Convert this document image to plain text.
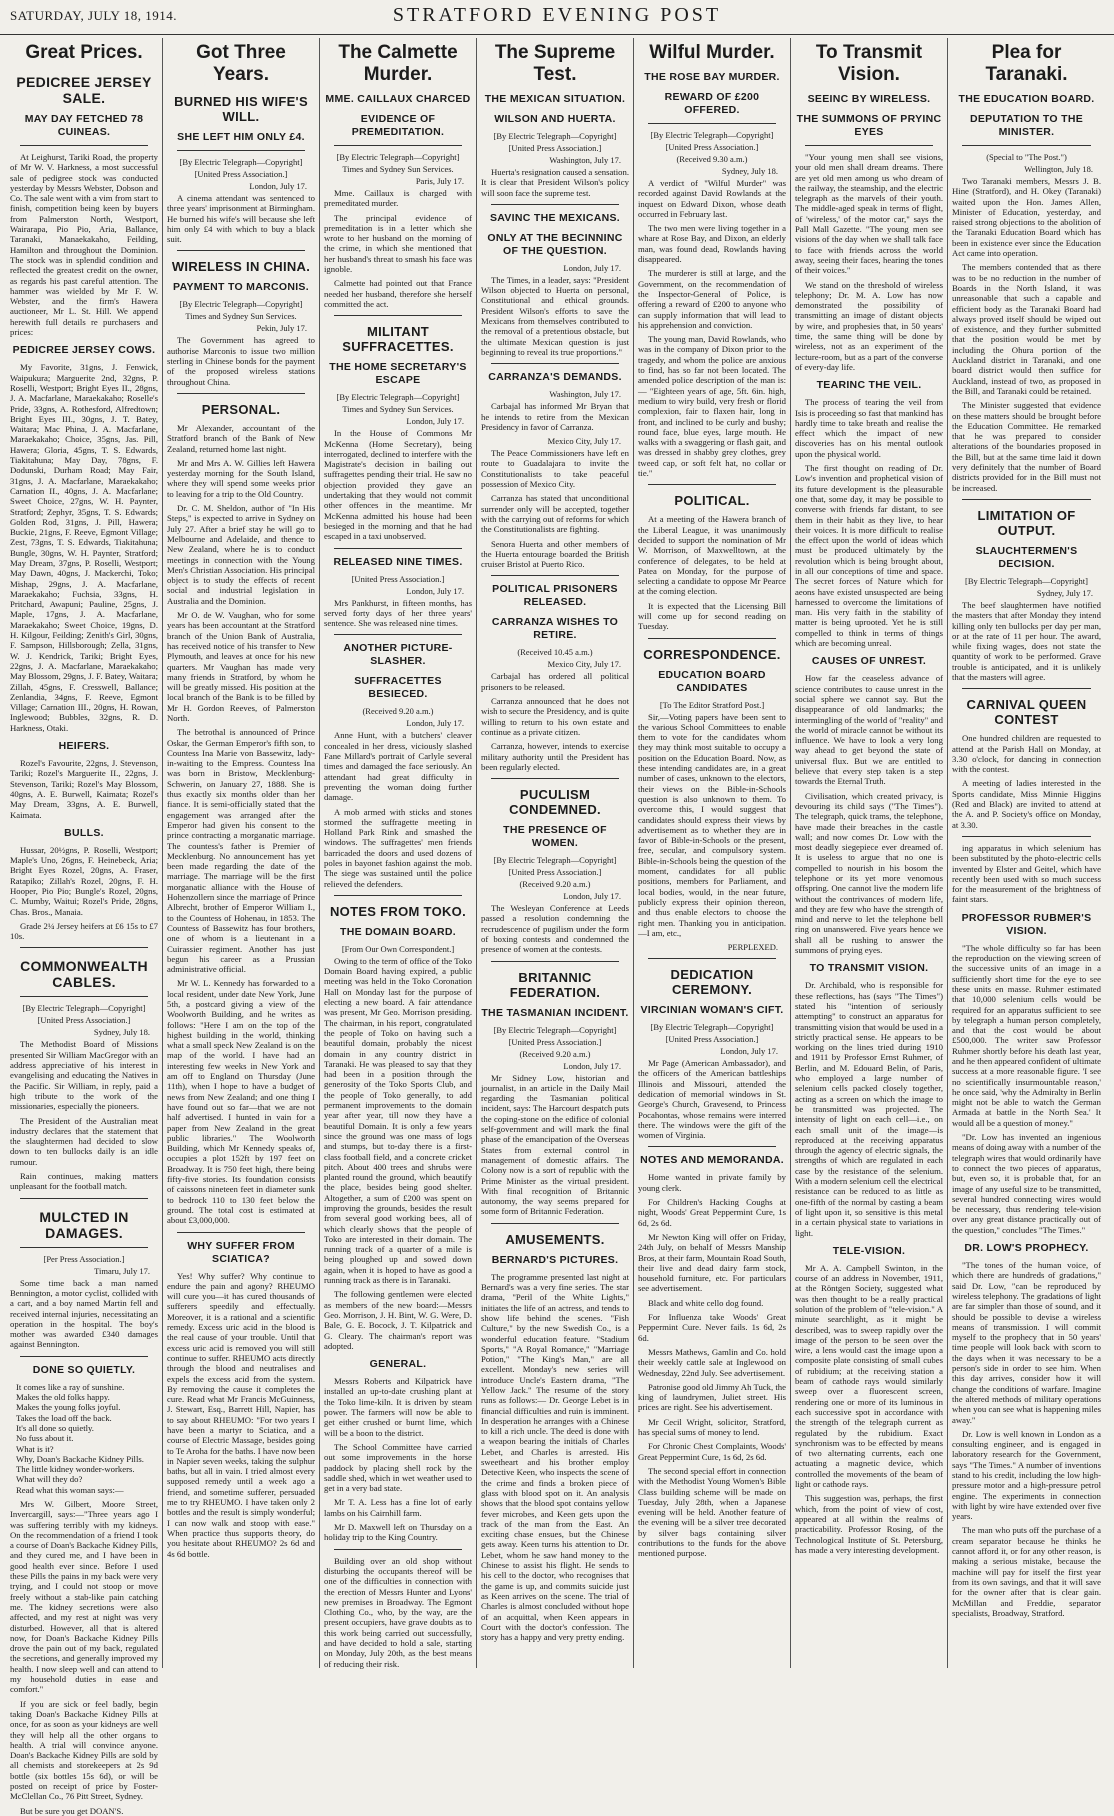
STRATFORD EVENING POST
SATURDAY, JULY 18, 1914.
Great Prices.
PEDICREE JERSEY SALE.
MAY DAY FETCHED 78 CUINEAS.
At Leighurst, Tariki Road, the property of Mr W. V. Harkness, a most successful sale of pedigree stock was conducted yesterday by Messrs Webster, Dobson and Co. The sale went with a vim from start to finish, competition being keen by buyers from Palmerston North, Westport, Wairarapa, Pio Pio, Aria, Ballance, Taranaki, Manaekakaho, Feilding, Hamilton and throughout the Dominion. The stock was in splendid condition and reflected the greatest credit on the owner, as regards his past careful attention. The hammer was wielded by Mr F. W. Webster, and the firm's Hawera auctioneer, Mr L. St. Hill. We append herewith full details re purchasers and prices:
PEDICREE JERSEY COWS.
My Favorite, 31gns, J. Fenwick, Waipukura; Marguerite 2nd, 32gns, P. Roselli, Westport; Bright Eyes II., 28gns, J. A. Macfarlane, Maraekakaho; Roselle's Pride, 33gns, A. Rothesford, Alfredtown; Bright Eyes III., 30gns, J. T. Batey, Waitara; Mac Phina, J. A. Macfarlane, Maraekakaho; Choice, 35gns, Jas. Pill, Hawera; Gloria, 45gns, T. S. Edwards, Tiakitahuna; May Day, 78gns, F. Dodunski, Durham Road; May Fair, 31gns, J. A. Macfarlane, Maraekakaho; Carnation II., 40gns, J. A. Macfarlane; Sweet Choice, 27gns, W. H. Paynter, Stratford; Zephyr, 35gns, T. S. Edwards; Golden Rod, 31gns, J. Pill, Hawera; Buckie, 21gns, F. Reeve, Egmont Village; Zest, 73gns, T. S. Edwards, Tiakitahuna; Bungle, 30gns, W. H. Paynter, Stratford; May Dream, 37gns, P. Roselli, Westport; May Dawn, 40gns, J. Mackerchi, Toko; Mishap, 29gns, J. A. Macfarlane, Maraekakaho; Fuchsia, 33gns, H. Pritchard, Awapuni; Pauline, 25gns, J. Maple, 17gns, J. A. Macfarlane, Maraekakaho; Sweet Choice, 19gns, D. H. Kilgour, Feilding; Zenith's Girl, 30gns, F. Sampson, Hillsborough; Zella, 31gns, W. J. Kendrick, Tariki; Bright Eyes, 22gns, J. A. Macfarlane, Maraekakaho; May Blossom, 29gns, J. F. Batey, Waitara; Zillah, 45gns, F. Cresswell, Ballance; Zenlandia, 34gns, F. Reeve, Egmont Village; Carnation III., 20gns, H. Rowan, Inglewood; Bubbles, 32gns, R. D. Harkness, Otaki.
HEIFERS.
Rozel's Favourite, 22gns, J. Stevenson, Tariki; Rozel's Marguerite II., 22gns, J. Stevenson, Tariki; Rozel's May Blossom, 40gns, A. E. Burwell, Kaimata; Rozel's May Dream, 33gns, A. E. Burwell, Kaimata.
BULLS.
Hussar, 20½gns, P. Roselli, Westport; Maple's Uno, 26gns, F. Heinebeck, Aria; Bright Eyes Rozel, 20gns, A. Fraser, Ratapiko; Zillah's Rozel, 20gns, F. H. Hooper, Pio Pio; Bungle's Rozel, 20gns, C. Mumby, Waitui; Rozel's Pride, 28gns, Chas. Bros., Manaia.
Grade 2¼ Jersey heifers at £6 15s to £7 10s.
COMMONWEALTH CABLES.
[By Electric Telegraph—Copyright]
[United Press Association.]
Sydney, July 18.
The Methodist Board of Missions presented Sir William MacGregor with an address appreciative of his interest in evangelising and educating the Natives in the Pacific. Sir William, in reply, paid a high tribute to the work of the missionaries, especially the pioneers.
The President of the Australian meat industry declares that the statement that the slaughtermen had decided to slow down to ten bullocks daily is an idle rumour.
Rain continues, making matters unpleasant for the football match.
MULCTED IN DAMAGES.
[Per Press Association.]
Timaru, July 17.
Some time back a man named Bennington, a motor cyclist, collided with a cart, and a boy named Martin fell and received internal injuries, necessitating an operation in the hospital. The boy's mother was awarded £340 damages against Bennington.
DONE SO QUIETLY.
It comes like a ray of sunshine.
Makes the old folks happy.
Makes the young folks joyful.
Takes the load off the back.
It's all done so quietly.
No fuss about it.
What is it?
Why, Doan's Backache Kidney Pills.
The little kidney wonder-workers.
What will they do?
Read what this woman says:—
Mrs W. Gilbert, Moore Street, Invercargill, says:—"Three years ago I was suffering terribly with my kidneys. On the recommendation of a friend I took a course of Doan's Backache Kidney Pills, and they cured me, and I have been in good health ever since. Before I used these Pills the pains in my back were very trying, and I could not stoop or move freely without a stab-like pain catching me. The kidney secretions were also affected, and my rest at night was very disturbed. However, all that is altered now, for Doan's Backache Kidney Pills drove the pain out of my back, regulated the secretions, and generally improved my health. I now sleep well and can attend to my household duties in ease and comfort."
If you are sick or feel badly, begin taking Doan's Backache Kidney Pills at once, for as soon as your kidneys are well they will help all the other organs to health. A trial will convince anyone. Doan's Backache Kidney Pills are sold by all chemists and storekeepers at 2s 9d bottle (six bottles 15s 6d), or will be posted on receipt of price by Foster-McClellan Co., 76 Pitt Street, Sydney.
But be sure you get DOAN'S.
Got Three Years.
BURNED HIS WIFE'S WILL.
SHE LEFT HIM ONLY £4.
[By Electric Telegraph—Copyright]
[United Press Association.]
London, July 17.
A cinema attendant was sentenced to three years' imprisonment at Birmingham. He burned his wife's will because she left him only £4 with which to buy a black suit.
WIRELESS IN CHINA.
PAYMENT TO MARCONIS.
[By Electric Telegraph—Copyright]
Times and Sydney Sun Services.
Pekin, July 17.
The Government has agreed to authorise Marconis to issue two million sterling in Chinese bonds for the payment of the proposed wireless stations throughout China.
PERSONAL.
Mr Alexander, accountant of the Stratford branch of the Bank of New Zealand, returned home last night.
Mr and Mrs A. W. Gillies left Hawera yesterday morning for the South Island, where they will spend some weeks prior to leaving for a trip to the Old Country.
Dr. C. M. Sheldon, author of "In His Steps," is expected to arrive in Sydney on July 27. After a brief stay he will go to Melbourne and Adelaide, and thence to New Zealand, where he is to conduct meetings in connection with the Young Men's Christian Association. His principal object is to study the effects of recent social and industrial legislation in Australia and the Dominion.
Mr O. de W. Vaughan, who for some years has been accountant at the Stratford branch of the Union Bank of Australia, has received notice of his transfer to New Plymouth, and leaves at once for his new quarters. Mr Vaughan has made very many friends in Stratford, by whom he will be greatly missed. His position at the local branch of the Bank is to be filled by Mr H. Gordon Reeves, of Palmerston North.
The betrothal is announced of Prince Oskar, the German Emperor's fifth son, to Countess Ina Marie von Bassewitz, lady-in-waiting to the Empress. Countess Ina was born in Bristow, Mecklenburg-Schwerin, on January 27, 1888. She is thus exactly six months older than her fiance. It is semi-officially stated that the engagement was arranged after the Emperor had given his consent to the prince contracting a morganatic marriage. The countess's father is Premier of Mecklenburg. No announcement has yet been made regarding the date of the marriage. The marriage will be the first morganatic alliance with the House of Hohenzollern since the marriage of Prince Albrecht, brother of Emperor William I., to the Countess of Hohenau, in 1853. The Countess of Bassewitz has four brothers, one of whom is a lieutenant in a Cuirassier regiment. Another has just begun his career as a Prussian administrative official.
Mr W. L. Kennedy has forwarded to a local resident, under date New York, June 5th, a postcard giving a view of the Woolworth Building, and he writes as follows: "Here I am on the top of the highest building in the world, thinking what a small speck New Zealand is on the map of the world. I have had an interesting few weeks in New York and am off to England on Thursday (June 11th), when I hope to have a budget of news from New Zealand; and one thing I have found out so far—that we are not half advertised. I hunted in vain for a paper from New Zealand in the great public libraries." The Woolworth Building, which Mr Kennedy speaks of, occupies a plot 152ft by 197 feet on Broadway. It is 750 feet high, there being fifty-five stories. Its foundation consists of caissons nineteen feet in diameter sunk to bedrock 110 to 130 feet below the ground. The total cost is estimated at about £3,000,000.
WHY SUFFER FROM SCIATICA?
Yes! Why suffer? Why continue to endure the pain and agony? RHEUMO will cure you—it has cured thousands of sufferers speedily and effectually. Moreover, it is a rational and a scientific remedy. Excess uric acid in the blood is the real cause of your trouble. Until that excess uric acid is removed you will still continue to suffer. RHEUMO acts directly through the blood and neutralises and expels the excess acid from the system. By removing the cause it completes the cure. Read what Mr Francis McGuinness, J. Stewart, Esq., Barrett Hill, Napier, has to say about RHEUMO: "For two years I have been a martyr to Sciatica, and a course of Electric Massage, besides going to Te Aroha for the baths. I have now been in Napier seven weeks, taking the sulphur baths, but all in vain. I tried almost every supposed remedy until a week ago a friend, and sometime sufferer, persuaded me to try RHEUMO. I have taken only 2 bottles and the result is simply wonderful; I can now walk and stoop with ease." When practice thus supports theory, do you hesitate about RHEUMO? 2s 6d and 4s 6d bottle.
The Calmette Murder.
MME. CAILLAUX CHARCED
EVIDENCE OF PREMEDITATION.
[By Electric Telegraph—Copyright]
Times and Sydney Sun Services.
Paris, July 17.
Mme. Caillaux is charged with premeditated murder.
The principal evidence of premeditation is in a letter which she wrote to her husband on the morning of the crime, in which she mentioned that her husband's threat to smash his face was ignoble.
Calmette had pointed out that France needed her husband, therefore she herself committed the act.
MILITANT SUFFRACETTES.
THE HOME SECRETARY'S ESCAPE
[By Electric Telegraph—Copyright]
Times and Sydney Sun Services.
London, July 17.
In the House of Commons Mr McKenna (Home Secretary), being interrogated, declined to interfere with the Magistrate's decision in bailing out suffragettes pending their trial. He saw no objection provided they gave an undertaking that they would not commit other offences in the meantime. Mr McKenna admitted his house had been besieged in the morning and that he had escaped in a taxi unobserved.
RELEASED NINE TIMES.
[United Press Association.]
London, July 17.
Mrs Pankhurst, in fifteen months, has served forty days of her three years' sentence. She was released nine times.
ANOTHER PICTURE-SLASHER.
SUFFRACETTES BESIECED.
(Received 9.20 a.m.)
London, July 17.
Anne Hunt, with a butchers' cleaver concealed in her dress, viciously slashed Fane Millard's portrait of Carlyle several times and damaged the face seriously. An attendant had great difficulty in preventing the woman doing further damage.
A mob armed with sticks and stones stormed the suffragette meeting in Holland Park Rink and smashed the windows. The suffragettes' men friends barricaded the doors and used dozens of poles in bayonet fashion against the mob. The siege was sustained until the police relieved the defenders.
NOTES FROM TOKO.
THE DOMAIN BOARD.
[From Our Own Correspondent.]
Owing to the term of office of the Toko Domain Board having expired, a public meeting was held in the Toko Coronation Hall on Monday last for the purpose of electing a new board. A fair attendance was present, Mr Geo. Morrison presiding. The chairman, in his report, congratulated the people of Toko on having such a beautiful domain, probably the nicest domain in any country district in Taranaki. He was pleased to say that they had been in a position through the generosity of the Toko Sports Club, and the people of Toko generally, to add permanent improvements to the domain year after year, till now they have a beautiful Domain. It is only a few years since the ground was one mass of logs and stumps, but to-day there is a first-class football field, and a concrete cricket pitch. About 400 trees and shrubs were planted round the ground, which beautify the place, besides being good shelter. Altogether, a sum of £200 was spent on improving the grounds, besides the result from several good working bees, all of which clearly shows that the people of Toko are interested in their domain. The running track of a quarter of a mile is being ploughed up and sowed down again, when it is hoped to have as good a running track as there is in Taranaki.
The following gentlemen were elected as members of the new board:—Messrs Geo. Morrison, J. H. Bint, W. G. Were, D. Bale, G. E. Bocock, J. T. Kilpatrick and G. Cleary. The chairman's report was adopted.
GENERAL.
Messrs Roberts and Kilpatrick have installed an up-to-date crushing plant at the Toko lime-kiln. It is driven by steam power. The farmers will now be able to get either crushed or burnt lime, which will be a boon to the district.
The School Committee have carried out some improvements in the horse paddock by placing shell rock by the saddle shed, which in wet weather used to get in a very bad state.
Mr T. A. Less has a fine lot of early lambs on his Cairnhill farm.
Mr D. Maxwell left on Thursday on a holiday trip to the King Country.
Building over an old shop without disturbing the occupants thereof will be one of the difficulties in connection with the erection of Messrs Hunter and Lyons' new premises in Broadway. The Egmont Clothing Co., who, by the way, are the present occupiers, have grave doubts as to this work being carried out successfully, and have decided to hold a sale, starting on Monday, July 20th, as the best means of reducing their risk.
The Supreme Test.
THE MEXICAN SITUATION.
WILSON AND HUERTA.
[By Electric Telegraph—Copyright]
[United Press Association.]
Washington, July 17.
Huerta's resignation caused a sensation. It is clear that President Wilson's policy will soon face the supreme test.
SAVINC THE MEXICANS.
ONLY AT THE BECINNINC OF THE QUESTION.
London, July 17.
The Times, in a leader, says: "President Wilson objected to Huerta on personal, Constitutional and ethical grounds. President Wilson's efforts to save the Mexicans from themselves contributed to the removal of a pretentious obstacle, but the ultimate Mexican question is just beginning to reveal its true proportions."
CARRANZA'S DEMANDS.
Washington, July 17.
Carbajal has informed Mr Bryan that he intends to retire from the Mexican Presidency in favor of Carranza.
Mexico City, July 17.
The Peace Commissioners have left en route to Guadalajara to invite the Constitutionalists to take peaceful possession of Mexico City.
Carranza has stated that unconditional surrender only will be accepted, together with the carrying out of reforms for which the Constitutionalists are fighting.
Senora Huerta and other members of the Huerta entourage boarded the British cruiser Bristol at Puerto Rico.
POLITICAL PRISONERS RELEASED.
CARRANZA WISHES TO RETIRE.
(Received 10.45 a.m.)
Mexico City, July 17.
Carbajal has ordered all political prisoners to be released.
Carranza announced that he does not wish to secure the Presidency, and is quite willing to return to his own estate and continue as a private citizen.
Carranza, however, intends to exercise military authority until the President has been regularly elected.
PUCULISM CONDEMNED.
THE PRESENCE OF WOMEN.
[By Electric Telegraph—Copyright]
[United Press Association.]
(Received 9.20 a.m.)
London, July 17.
The Wesleyan Conference at Leeds passed a resolution condemning the recrudescence of pugilism under the form of boxing contests and condemned the presence of women at the contests.
BRITANNIC FEDERATION.
THE TASMANIAN INCIDENT.
[By Electric Telegraph—Copyright]
[United Press Association.]
(Received 9.20 a.m.)
London, July 17.
Mr Sidney Low, historian and journalist, in an article in the Daily Mail regarding the Tasmanian political incident, says: The Harcourt despatch puts the coping-stone on the edifice of colonial self-government and will mark the final phase of the emancipation of the Overseas States from external control in management of domestic affairs. The Colony now is a sort of republic with the Prime Minister as the virtual president. With final recognition of Britannic autonomy, the way seems prepared for some form of Britannic Federation.
AMUSEMENTS.
BERNARD'S PICTURES.
The programme presented last night at Bernard's was a very fine series. The star drama, "Peril of the White Lights," initiates the life of an actress, and tends to show life behind the scenes. "Fish Culture," by the new Swedish Co., is a wonderful education feature. "Stadium Sports," "A Royal Romance," "Marriage Potion," "The King's Man," are all excellent. Monday's new series will introduce Uncle's Eastern drama, "The Yellow Jack." The resume of the story runs as follows:— Dr. George Lebet is in financial difficulties and ruin is imminent. In desperation he arranges with a Chinese to kill a rich uncle. The deed is done with a weapon bearing the initials of Charles Lebet, and Charles is arrested. His sweetheart and his brother employ Detective Keen, who inspects the scene of the crime and finds a broken piece of glass with blood spot on it. An analysis shows that the blood spot contains yellow fever microbes, and Keen gets upon the track of the man from the East. An exciting chase ensues, but the Chinese gets away. Keen turns his attention to Dr. Lebet, whom he saw hand money to the Chinese to assist his flight. He sends to his cell to the doctor, who recognises that the game is up, and commits suicide just as Keen arrives on the scene. The trial of Charles is almost concluded without hope of an acquittal, when Keen appears in Court with the doctor's confession. The story has a happy and very pretty ending.
Wilful Murder.
THE ROSE BAY MURDER.
REWARD OF £200 OFFERED.
[By Electric Telegraph—Copyright]
[United Press Association.]
(Received 9.30 a.m.)
Sydney, July 18.
A verdict of "Wilful Murder" was recorded against David Rowlands at the inquest on Edward Dixon, whose death occurred in February last.
The two men were living together in a whare at Rose Bay, and Dixon, an elderly man, was found dead, Rowlands having disappeared.
The murderer is still at large, and the Government, on the recommendation of the Inspector-General of Police, is offering a reward of £200 to anyone who can supply information that will lead to his apprehension and conviction.
The young man, David Rowlands, who was in the company of Dixon prior to the tragedy, and whom the police are anxious to find, has so far not been located. The amended police description of the man is:— "Eighteen years of age, 5ft. 6in. high, medium to wiry build, very fresh or florid complexion, fair to flaxen hair, long in front, and inclined to be curly and bushy; round face, blue eyes, large mouth. He walks with a swaggering or flash gait, and was dressed in shabby grey clothes, grey tweed cap, or soft felt hat, no collar or tie."
POLITICAL.
At a meeting of the Hawera branch of the Liberal League, it was unanimously decided to support the nomination of Mr W. Morrison, of Maxwelltown, at the conference of delegates, to be held at Patea on Monday, for the purpose of selecting a candidate to oppose Mr Pearce at the coming election.
It is expected that the Licensing Bill will come up for second reading on Tuesday.
CORRESPONDENCE.
EDUCATION BOARD CANDIDATES
[To The Editor Stratford Post.]
Sir,—Voting papers have been sent to the various School Committees to enable them to vote for the candidates whom they may think most suitable to occupy a position on the Education Board. Now, as these intending candidates are, in a great number of cases, unknown to the electors, their views on the Bible-in-Schools question is also unknown to them. To overcome this, I would suggest that candidates should express their views by advertisement as to whether they are in favor of Bible-in-Schools or the present, free, secular, and compulsory system. Bible-in-Schools being the question of the moment, candidates for all public positions, members for Parliament, and local bodies, would, in the near future, publicly express their opinion thereon, and thus enable electors to choose the right men. Thanking you in anticipation.—I am, etc.,
PERPLEXED.
DEDICATION CEREMONY.
VIRCINIAN WOMAN'S CIFT.
[By Electric Telegraph—Copyright]
[United Press Association.]
London, July 17.
Mr Page (American Ambassador), and the officers of the American battleships Illinois and Missouri, attended the dedication of memorial windows in St. George's Church, Gravesend, to Princess Pocahontas, whose remains were interred there. The windows were the gift of the women of Virginia.
NOTES AND MEMORANDA.
Home wanted in private family by young clerk.
For Children's Hacking Coughs at night, Woods' Great Peppermint Cure, 1s 6d, 2s 6d.
Mr Newton King will offer on Friday, 24th July, on behalf of Messrs Manship Bros, at their farm, Mountain Road South, their live and dead dairy farm stock, household furniture, etc. For particulars see advertisement.
Black and white cello dog found.
For Influenza take Woods' Great Peppermint Cure. Never fails. 1s 6d, 2s 6d.
Messrs Mathews, Gamlin and Co. hold their weekly cattle sale at Inglewood on Wednesday, 22nd July. See advertisement.
Patronise good old Jimmy Ah Tuck, the king of laundrymen, Juliet street. His prices are right. See his advertisement.
Mr Cecil Wright, solicitor, Stratford, has special sums of money to lend.
For Chronic Chest Complaints, Woods' Great Peppermint Cure, 1s 6d, 2s 6d.
The second special effort in connection with the Methodist Young Women's Bible Class building scheme will be made on Tuesday, July 28th, when a Japanese evening will be held. Another feature of the evening will be a silver tree decorated by silver bags containing silver contributions to the funds for the above mentioned purpose.
To Transmit Vision.
SEEINC BY WIRELESS.
THE SUMMONS OF PRYINC EYES
"Your young men shall see visions, your old men shall dream dreams. There are yet old men among us who dream of the railway, the steamship, and the electric telegraph as the marvels of their youth. The middle-aged speak in terms of flight, of 'wireless,' of the motor car," says the Pall Mall Gazette. "The young men see visions of the day when we shall talk face to face with friends across the world away, seeing their faces, hearing the tones of their voices."
We stand on the threshold of wireless telephony; Dr. M. A. Low has now demonstrated the possibility of transmitting an image of distant objects by wire, and prophesies that, in 50 years' time, the same thing will be done by wireless, not as an experiment of the lecture-room, but as a part of the converse of every-day life.
TEARINC THE VEIL.
The process of tearing the veil from Isis is proceeding so fast that mankind has hardly time to take breath and realise the effect which the impact of new discoveries has on his mental outlook upon the physical world.
The first thought on reading of Dr. Low's invention and prophetical vision of its future development is the pleasurable one that, some day, it may be possible to converse with friends far distant, to see them in their habit as they live, to hear their voices. It is more difficult to realise the effect upon the world of ideas which must be produced ultimately by the revolution which is being brought about, in all our conceptions of time and space. The secret forces of Nature which for aeons have existed unsuspected are being harnessed to overcome the limitations of man. His very faith in the stability of matter is being uprooted. Yet he is still compelled to think in terms of things which are becoming unreal.
CAUSES OF UNREST.
How far the ceaseless advance of science contributes to cause unrest in the social sphere we cannot say. But the disappearance of old landmarks; the intermingling of the world of "reality" and the world of miracle cannot be without its influence. We have to look a very long way ahead to get beyond the state of universal flux. But we are entitled to believe that every step taken is a step towards the Eternal Truth.
Civilisation, which created privacy, is devouring its child says ("The Times"). The telegraph, quick trams, the telephone, have made their breaches in the castle wall; and now comes Dr. Low with the most deadly siegepiece ever dreamed of. It is useless to argue that no one is compelled to nourish in his bosom the telephone or its yet more venomous offspring. One cannot live the modern life without the contrivances of modern life, and they are few who have the strength of mind and nerve to let the telephone bell ring on unanswered. Five years hence we shall all be rushing to answer the summons of prying eyes.
TO TRANSMIT VISION.
Dr. Archibald, who is responsible for these reflections, has (says "The Times") stated his "intention of seriously attempting" to construct an apparatus for transmitting vision that would be used in a strictly practical sense. He appears to be working on the lines tried during 1910 and 1911 by Professor Ernst Ruhmer, of Berlin, and M. Edouard Belin, of Paris, who employed a large number of selenium cells packed closely together, acting as a screen on which the image to be transmitted was projected. The intensity of light on each cell—i.e., on each small unit of the image—is reproduced at the receiving apparatus through the agency of electric signals, the strengths of which are regulated in each case by the resistance of the selenium. With a modern selenium cell the electrical resistance can be reduced to as little as one-fifth of the normal by casting a beam of light upon it, so sensitive is this metal in a certain physical state to variations in light.
TELE-VISION.
Mr A. A. Campbell Swinton, in the course of an address in November, 1911, at the Röntgen Society, suggested what was then thought to be a really practical solution of the problem of "tele-vision." A minute searchlight, as it might be described, was to sweep rapidly over the image of the person to be seen over the wire, a lens would cast the image upon a composite plate consisting of small cubes of rubidium; at the receiving station a beam of cathode rays would similarly sweep over a fluorescent screen, rendering one or more of its luminous in each successive spot in accordance with the strength of the telegraph current as regulated by the rubidium. Exact synchronism was to be effected by means of two alternating currents, each one actuating a magnetic device, which controlled the movements of the beam of light or cathode rays.
This suggestion was, perhaps, the first which, from the point of view of cost, appeared at all within the realms of practicability. Professor Rosing, of the Technological Institute of St. Petersburg, has made a very interesting development.
Plea for Taranaki.
THE EDUCATION BOARD.
DEPUTATION TO THE MINISTER.
(Special to "The Post.")
Wellington, July 18.
Two Taranaki members, Messrs J. B. Hine (Stratford), and H. Okey (Taranaki) waited upon the Hon. James Allen, Minister of Education, yesterday, and raised strong objections to the abolition of the Taranaki Education Board which has been in existence ever since the Education Act came into operation.
The members contended that as there was to be no reduction in the number of Boards in the North Island, it was unreasonable that such a capable and efficient body as the Taranaki Board had always proved itself should be wiped out of existence, and they further submitted that the position would be met by including the Ohura portion of the Auckland district in Taranaki, and one board district would then suffice for Auckland, instead of two, as proposed in the Bill, and Taranaki could be retained.
The Minister suggested that evidence on these matters should be brought before the Education Committee. He remarked that he was prepared to consider alterations of the boundaries proposed in the Bill, but at the same time laid it down very definitely that the number of Board districts provided for in the Bill must not be increased.
LIMITATION OF OUTPUT.
SLAUCHTERMEN'S DECISION.
[By Electric Telegraph—Copyright]
Sydney, July 17.
The beef slaughtermen have notified the masters that after Monday they intend killing only ten bullocks per day per man, or at the rate of 11 per hour. The award, while fixing wages, does not state the quantity of work to be performed. Grave trouble is anticipated, and it is unlikely that the masters will agree.
CARNIVAL QUEEN CONTEST
One hundred children are requested to attend at the Parish Hall on Monday, at 3.30 o'clock, for dancing in connection with the contest.
A meeting of ladies interested in the Sports candidate, Miss Minnie Higgins (Red and Black) are invited to attend at the A. and P. Society's office on Monday, at 3.30.
ing apparatus in which selenium has been substituted by the photo-electric cells invented by Elster and Geitel, which have recently been used with so much success for the measurement of the brightness of faint stars.
PROFESSOR RUBMER'S VISION.
"The whole difficulty so far has been the reproduction on the viewing screen of the successive units of an image in a sufficiently short time for the eye to see these units en masse. Ruhmer estimated that 10,000 selenium cells would be required for an apparatus sufficient to see by telegraph a human person completely, and that the cost would be about £500,000. The writer saw Professor Ruhmer shortly before his death last year, and he then appeared confident of ultimate success at a more reasonable figure. 'I see no scientifically insurmountable reason,' he once said, 'why the Admiralty in Berlin might not be able to watch the German Armada at battle in the North Sea.' It would all be a question of money."
"Dr. Low has invented an ingenious means of doing away with a number of the telegraph wires that would ordinarily have to connect the two pieces of apparatus, but, even so, it is probable that, for an image of any useful size to be transmitted, several hundred connecting wires would be necessary, thus rendering tele-vision over any great distance practically out of the question," concludes "The Times."
DR. LOW'S PROPHECY.
"The tones of the human voice, of which there are hundreds of gradations," said Dr. Low, "can be reproduced by wireless telephony. The gradations of light are far simpler than those of sound, and it should be possible to devise a wireless means of transmission. I will commit myself to the prophecy that in 50 years' time people will look back with scorn to the days when it was necessary to be a person's side in order to see him. When this day arrives, consider how it will change the conditions of warfare. Imagine the altered methods of military operations when you can see what is happening miles away."
Dr. Low is well known in London as a consulting engineer, and is engaged in laboratory research for the Government, says "The Times." A number of inventions stand to his credit, including the low high-pressure motor and a high-pressure petrol engine. The experiments in connection with light by wire have extended over five years.
The man who puts off the purchase of a cream separator because he thinks he cannot afford it, or for any other reason, is making a serious mistake, because the machine will pay for itself the first year from its own savings, and that it will save for the owner after that is clear gain. McMillan and Freddie, separator specialists, Broadway, Stratford.
